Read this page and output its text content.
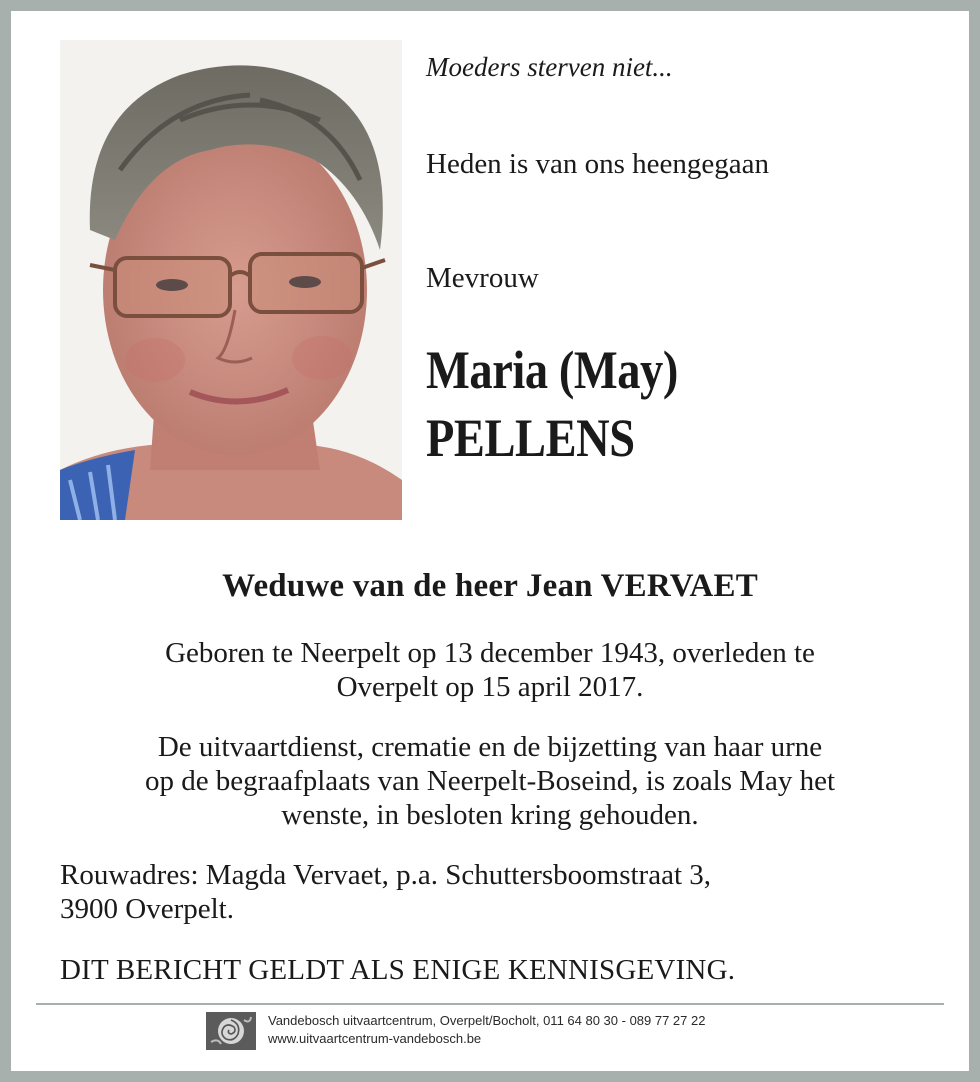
Moeders sterven niet...
Heden is van ons heengegaan
Mevrouw
Maria (May)
PELLENS
Weduwe van de heer Jean VERVAET
Geboren te Neerpelt op 13 december 1943, overleden te
Overpelt op 15 april 2017.
De uitvaartdienst, crematie en de bijzetting van haar urne
op de begraafplaats van Neerpelt-Boseind, is zoals May het
wenste, in besloten kring gehouden.
Rouwadres: Magda Vervaet, p.a. Schuttersboomstraat 3,
3900 Overpelt.
DIT BERICHT GELDT ALS ENIGE KENNISGEVING.
Vandebosch uitvaartcentrum, Overpelt/Bocholt, 011 64 80 30 - 089 77 27 22
www.uitvaartcentrum-vandebosch.be
